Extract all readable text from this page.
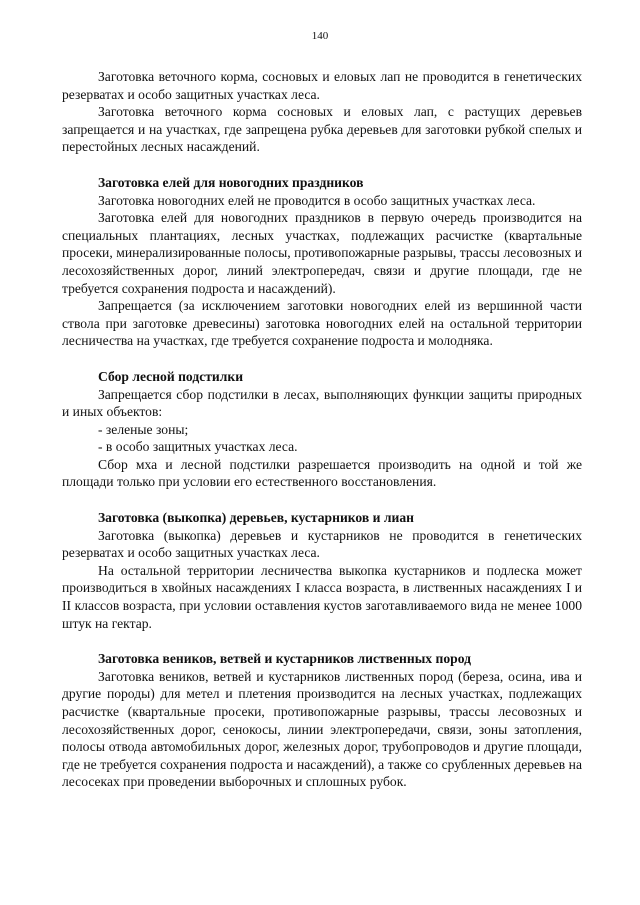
140

Заготовка веточного корма, сосновых и еловых лап не проводится в генетических резерватах и особо защитных участках леса.

Заготовка веточного корма сосновых и еловых лап, с растущих деревьев запрещается и на участках, где запрещена рубка деревьев для заготовки рубкой спелых и перестойных лесных насаждений.

Заготовка елей для новогодних праздников

Заготовка новогодних елей не проводится в особо защитных участках леса.

Заготовка елей для новогодних праздников в первую очередь производится на специальных плантациях, лесных участках, подлежащих расчистке (квартальные просеки, минерализированные полосы, противопожарные разрывы, трассы лесовозных и лесохозяйственных дорог, линий электропередач, связи и другие площади, где не требуется сохранения подроста и насаждений).

Запрещается (за исключением заготовки новогодних елей из вершинной части ствола при заготовке древесины) заготовка новогодних елей на остальной территории лесничества на участках, где требуется сохранение подроста и молодняка.

Сбор лесной подстилки

Запрещается сбор подстилки в лесах, выполняющих функции защиты природных и иных объектов:

- зеленые зоны;

- в особо защитных участках леса.

Сбор мха и лесной подстилки разрешается производить на одной и той же площади только при условии его естественного восстановления.

Заготовка (выкопка) деревьев, кустарников и лиан

Заготовка (выкопка) деревьев и кустарников не проводится в генетических резерватах и особо защитных участках леса.

На остальной территории лесничества выкопка кустарников и подлеска может производиться в хвойных насаждениях I класса возраста, в лиственных насаждениях I и II классов возраста, при условии оставления кустов заготавливаемого вида не менее 1000 штук на гектар.

Заготовка веников, ветвей и кустарников лиственных пород

Заготовка веников, ветвей и кустарников лиственных пород (береза, осина, ива и другие породы) для метел и плетения производится на лесных участках, подлежащих расчистке (квартальные просеки, противопожарные разрывы, трассы лесовозных и лесохозяйственных дорог, сенокосы, линии электропередачи, связи, зоны затопления, полосы отвода автомобильных дорог, железных дорог, трубопроводов и другие площади, где не требуется сохранения подроста и насаждений), а также со срубленных деревьев на лесосеках при проведении выборочных и сплошных рубок.
